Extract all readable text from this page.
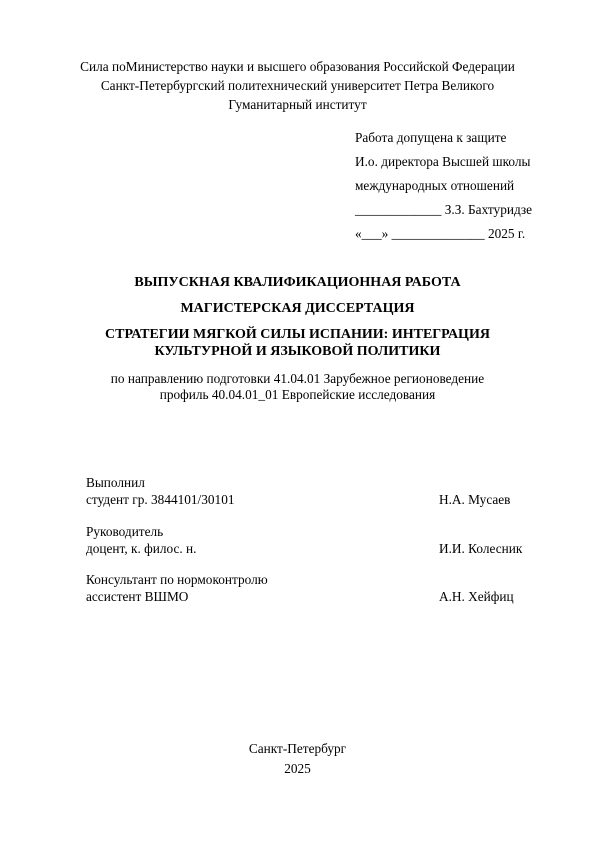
Сила поМинистерство науки и высшего образования Российской Федерации
Санкт-Петербургский политехнический университет Петра Великого
Гуманитарный институт
Работа допущена к защите
И.о. директора Высшей школы
международных отношений
_____________ З.З. Бахтуридзе
«___» ______________ 2025 г.
ВЫПУСКНАЯ КВАЛИФИКАЦИОННАЯ РАБОТА
МАГИСТЕРСКАЯ ДИССЕРТАЦИЯ
СТРАТЕГИИ МЯГКОЙ СИЛЫ ИСПАНИИ: ИНТЕГРАЦИЯ
КУЛЬТУРНОЙ И ЯЗЫКОВОЙ ПОЛИТИКИ
по направлению подготовки 41.04.01 Зарубежное регионоведение
профиль 40.04.01_01 Европейские исследования
Выполнил
студент гр. 3844101/30101	Н.А. Мусаев
Руководитель
доцент, к. филос. н.	И.И. Колесник
Консультант по нормоконтролю
ассистент ВШМО	А.Н. Хейфиц
Санкт-Петербург
2025
